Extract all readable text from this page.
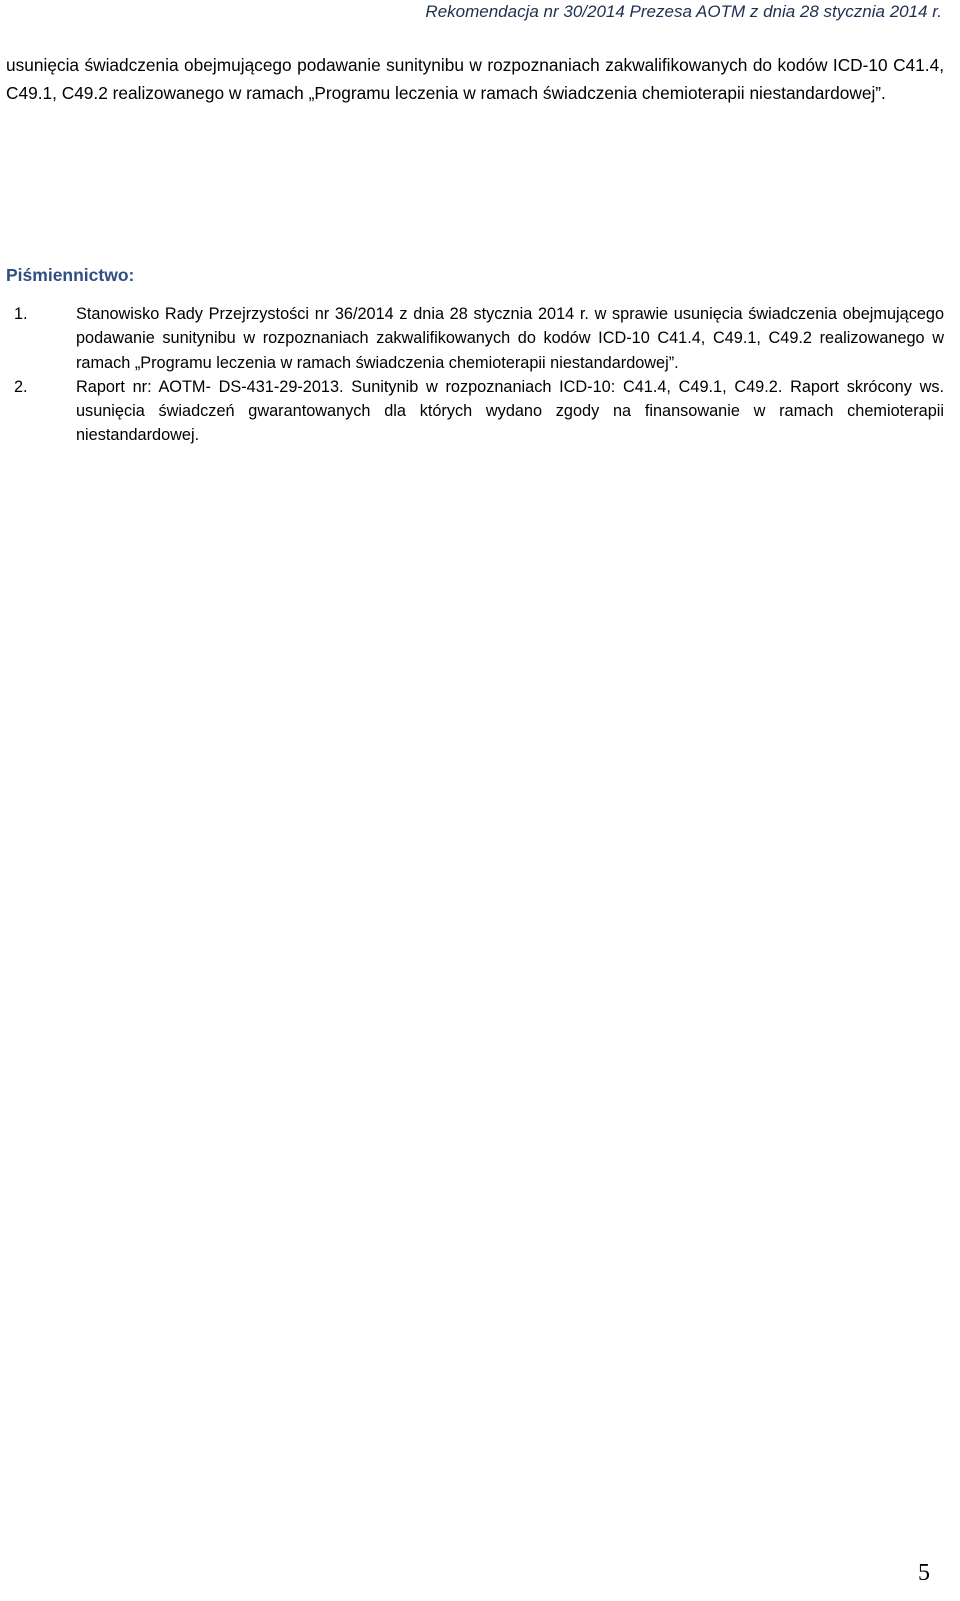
Rekomendacja nr 30/2014 Prezesa AOTM z dnia 28 stycznia 2014 r.

usunięcia świadczenia obejmującego podawanie sunitynibu w rozpoznaniach zakwalifikowanych do kodów ICD-10 C41.4, C49.1, C49.2 realizowanego w ramach „Programu leczenia w ramach świadczenia chemioterapii niestandardowej”.

Piśmiennictwo:
1.	Stanowisko Rady Przejrzystości nr 36/2014 z dnia 28 stycznia 2014 r. w sprawie usunięcia świadczenia obejmującego podawanie sunitynibu w rozpoznaniach zakwalifikowanych do kodów ICD-10 C41.4, C49.1, C49.2 realizowanego w ramach „Programu leczenia w ramach świadczenia chemioterapii niestandardowej”.
2.	Raport nr: AOTM- DS-431-29-2013. Sunitynib w rozpoznaniach ICD-10: C41.4, C49.1, C49.2. Raport skrócony ws. usunięcia świadczeń gwarantowanych dla których wydano zgody na finansowanie w ramach chemioterapii niestandardowej.
5
